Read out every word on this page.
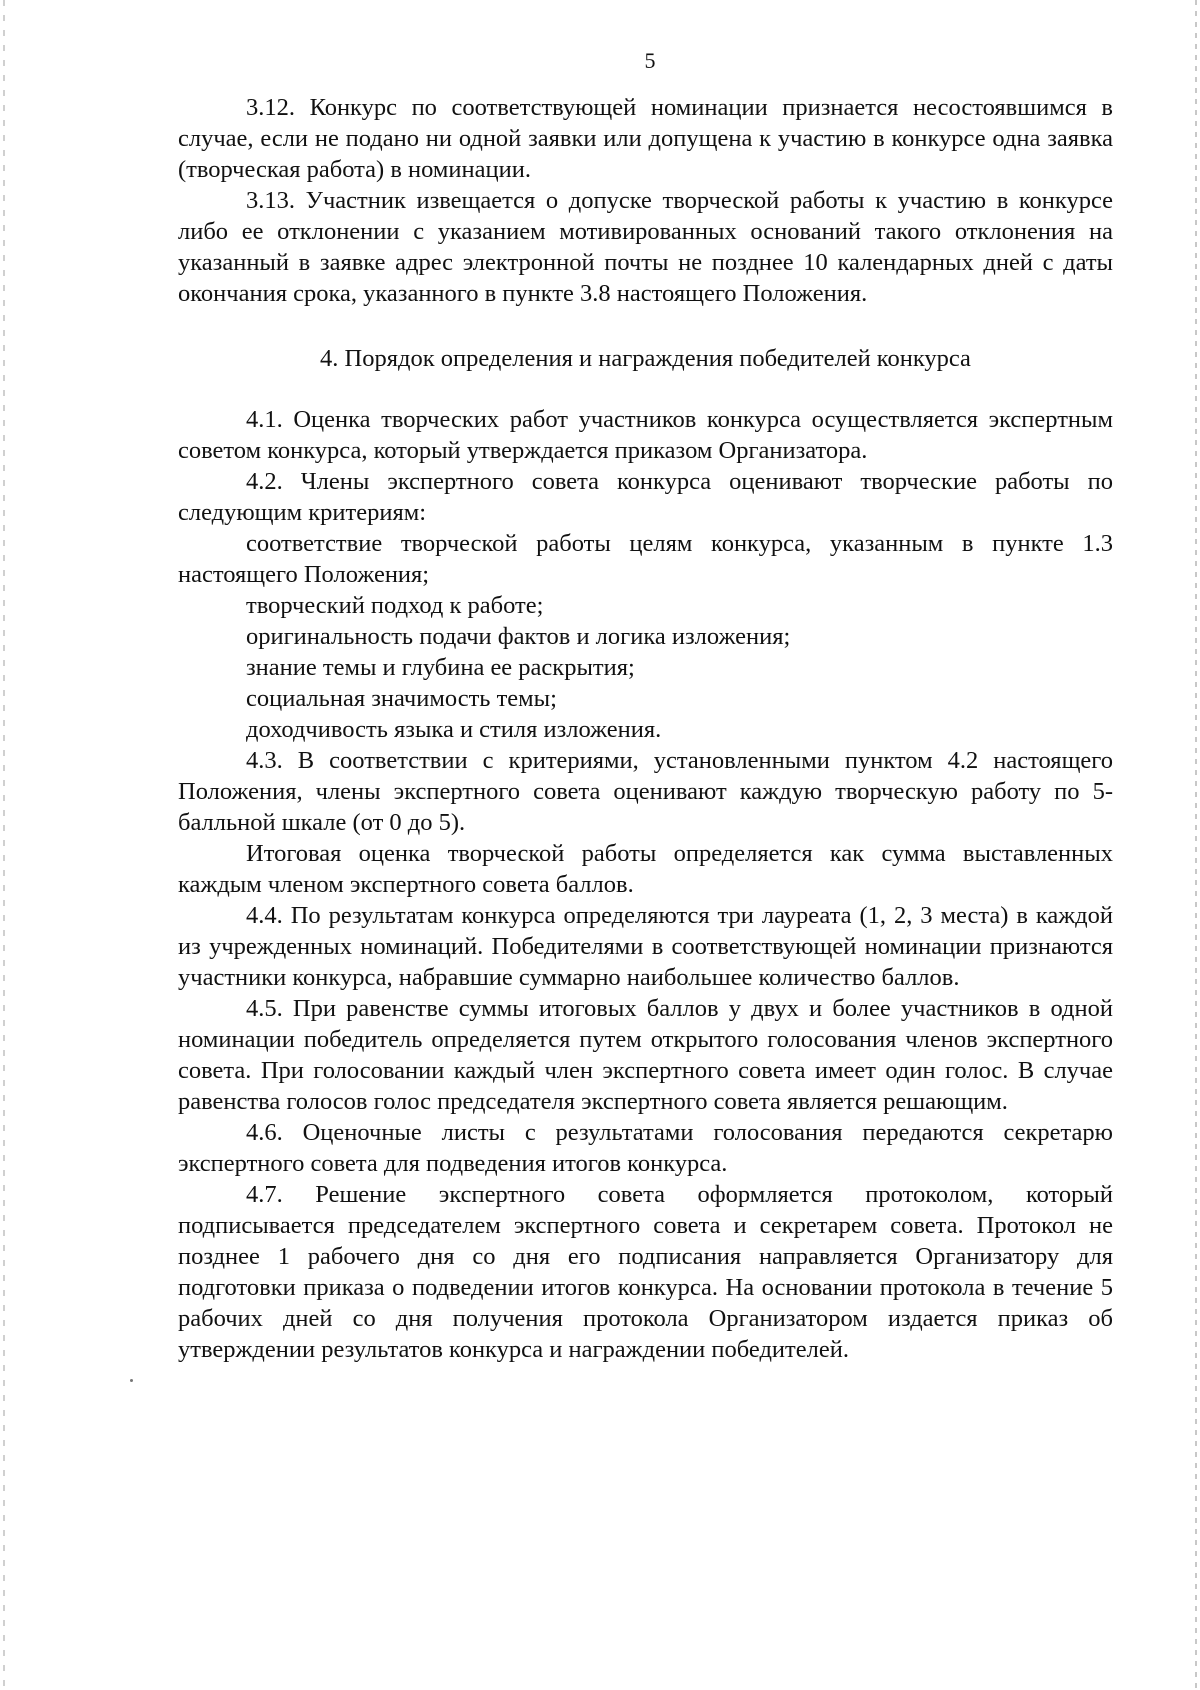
5

3.12. Конкурс по соответствующей номинации признается несостоявшимся в случае, если не подано ни одной заявки или допущена к участию в конкурсе одна заявка (творческая работа) в номинации.

3.13. Участник извещается о допуске творческой работы к участию в конкурсе либо ее отклонении с указанием мотивированных оснований такого отклонения на указанный в заявке адрес электронной почты не позднее 10 календарных дней с даты окончания срока, указанного в пункте 3.8 настоящего Положения.

4. Порядок определения и награждения победителей конкурса

4.1. Оценка творческих работ участников конкурса осуществляется экспертным советом конкурса, который утверждается приказом Организатора.

4.2. Члены экспертного совета конкурса оценивают творческие работы по следующим критериям:

соответствие творческой работы целям конкурса, указанным в пункте 1.3 настоящего Положения;

творческий подход к работе;

оригинальность подачи фактов и логика изложения;

знание темы и глубина ее раскрытия;

социальная значимость темы;

доходчивость языка и стиля изложения.

4.3. В соответствии с критериями, установленными пунктом 4.2 настоящего Положения, члены экспертного совета оценивают каждую творческую работу по 5-балльной шкале (от 0 до 5).

Итоговая оценка творческой работы определяется как сумма выставленных каждым членом экспертного совета баллов.

4.4. По результатам конкурса определяются три лауреата (1, 2, 3 места) в каждой из учрежденных номинаций. Победителями в соответствующей номинации признаются участники конкурса, набравшие суммарно наибольшее количество баллов.

4.5. При равенстве суммы итоговых баллов у двух и более участников в одной номинации победитель определяется путем открытого голосования членов экспертного совета. При голосовании каждый член экспертного совета имеет один голос. В случае равенства голосов голос председателя экспертного совета является решающим.

4.6. Оценочные листы с результатами голосования передаются секретарю экспертного совета для подведения итогов конкурса.

4.7. Решение экспертного совета оформляется протоколом, который подписывается председателем экспертного совета и секретарем совета. Протокол не позднее 1 рабочего дня со дня его подписания направляется Организатору для подготовки приказа о подведении итогов конкурса. На основании протокола в течение 5 рабочих дней со дня получения протокола Организатором издается приказ об утверждении результатов конкурса и награждении победителей.
